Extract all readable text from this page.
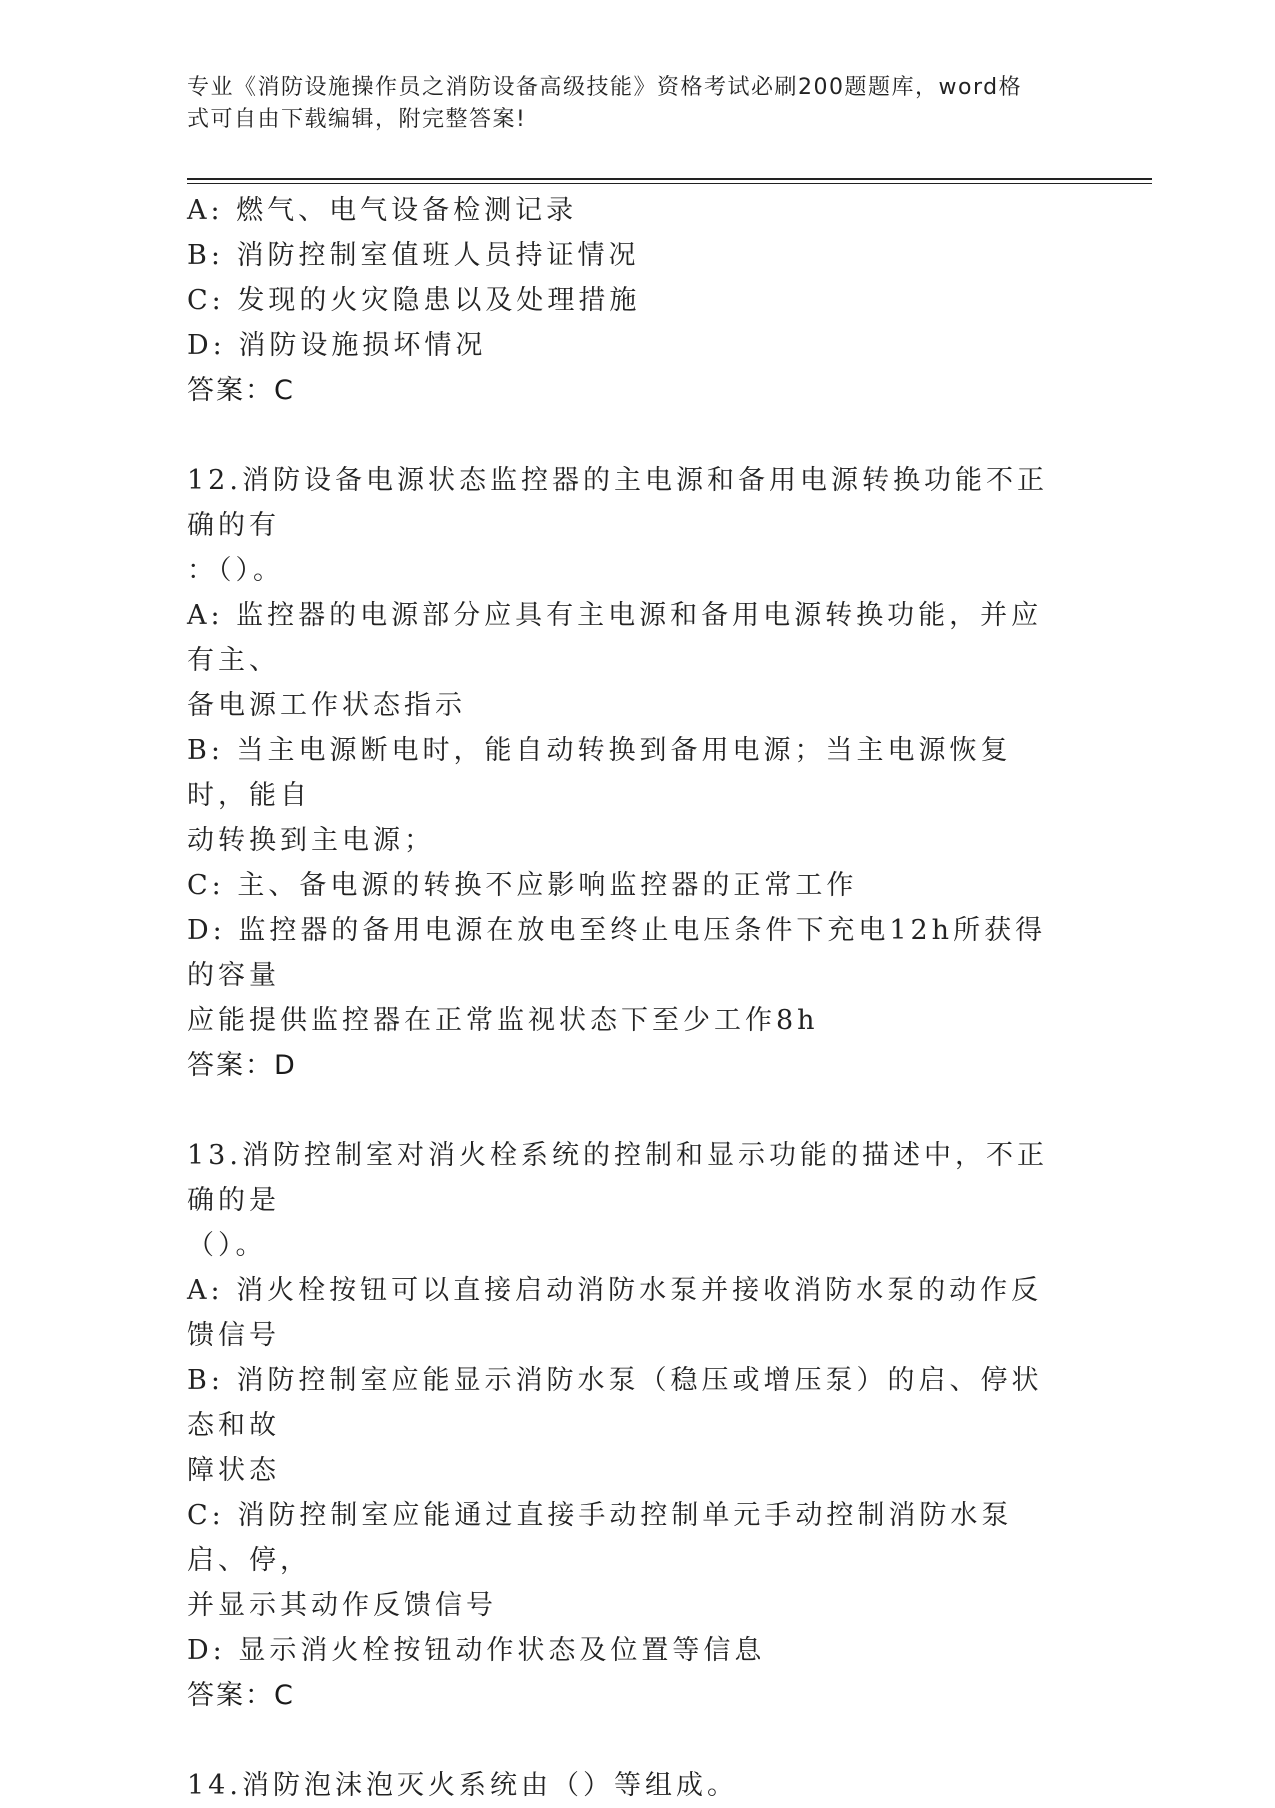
专业《消防设施操作员之消防设备高级技能》资格考试必刷200题题库，word格
式可自由下载编辑，附完整答案!
A: 燃气、电气设备检测记录
B: 消防控制室值班人员持证情况
C: 发现的火灾隐患以及处理措施
D: 消防设施损坏情况
答案：C
12.消防设备电源状态监控器的主电源和备用电源转换功能不正确的有
：（）。
A: 监控器的电源部分应具有主电源和备用电源转换功能，并应有主、
备电源工作状态指示
B: 当主电源断电时，能自动转换到备用电源；当主电源恢复时，能自
动转换到主电源；
C: 主、备电源的转换不应影响监控器的正常工作
D: 监控器的备用电源在放电至终止电压条件下充电12h所获得的容量
应能提供监控器在正常监视状态下至少工作8h
答案：D
13.消防控制室对消火栓系统的控制和显示功能的描述中，不正确的是
（）。
A: 消火栓按钮可以直接启动消防水泵并接收消防水泵的动作反馈信号
B: 消防控制室应能显示消防水泵（稳压或增压泵）的启、停状态和故
障状态
C: 消防控制室应能通过直接手动控制单元手动控制消防水泵启、停，
并显示其动作反馈信号
D: 显示消火栓按钮动作状态及位置等信息
答案：C
14.消防泡沫泡灭火系统由（）等组成。
